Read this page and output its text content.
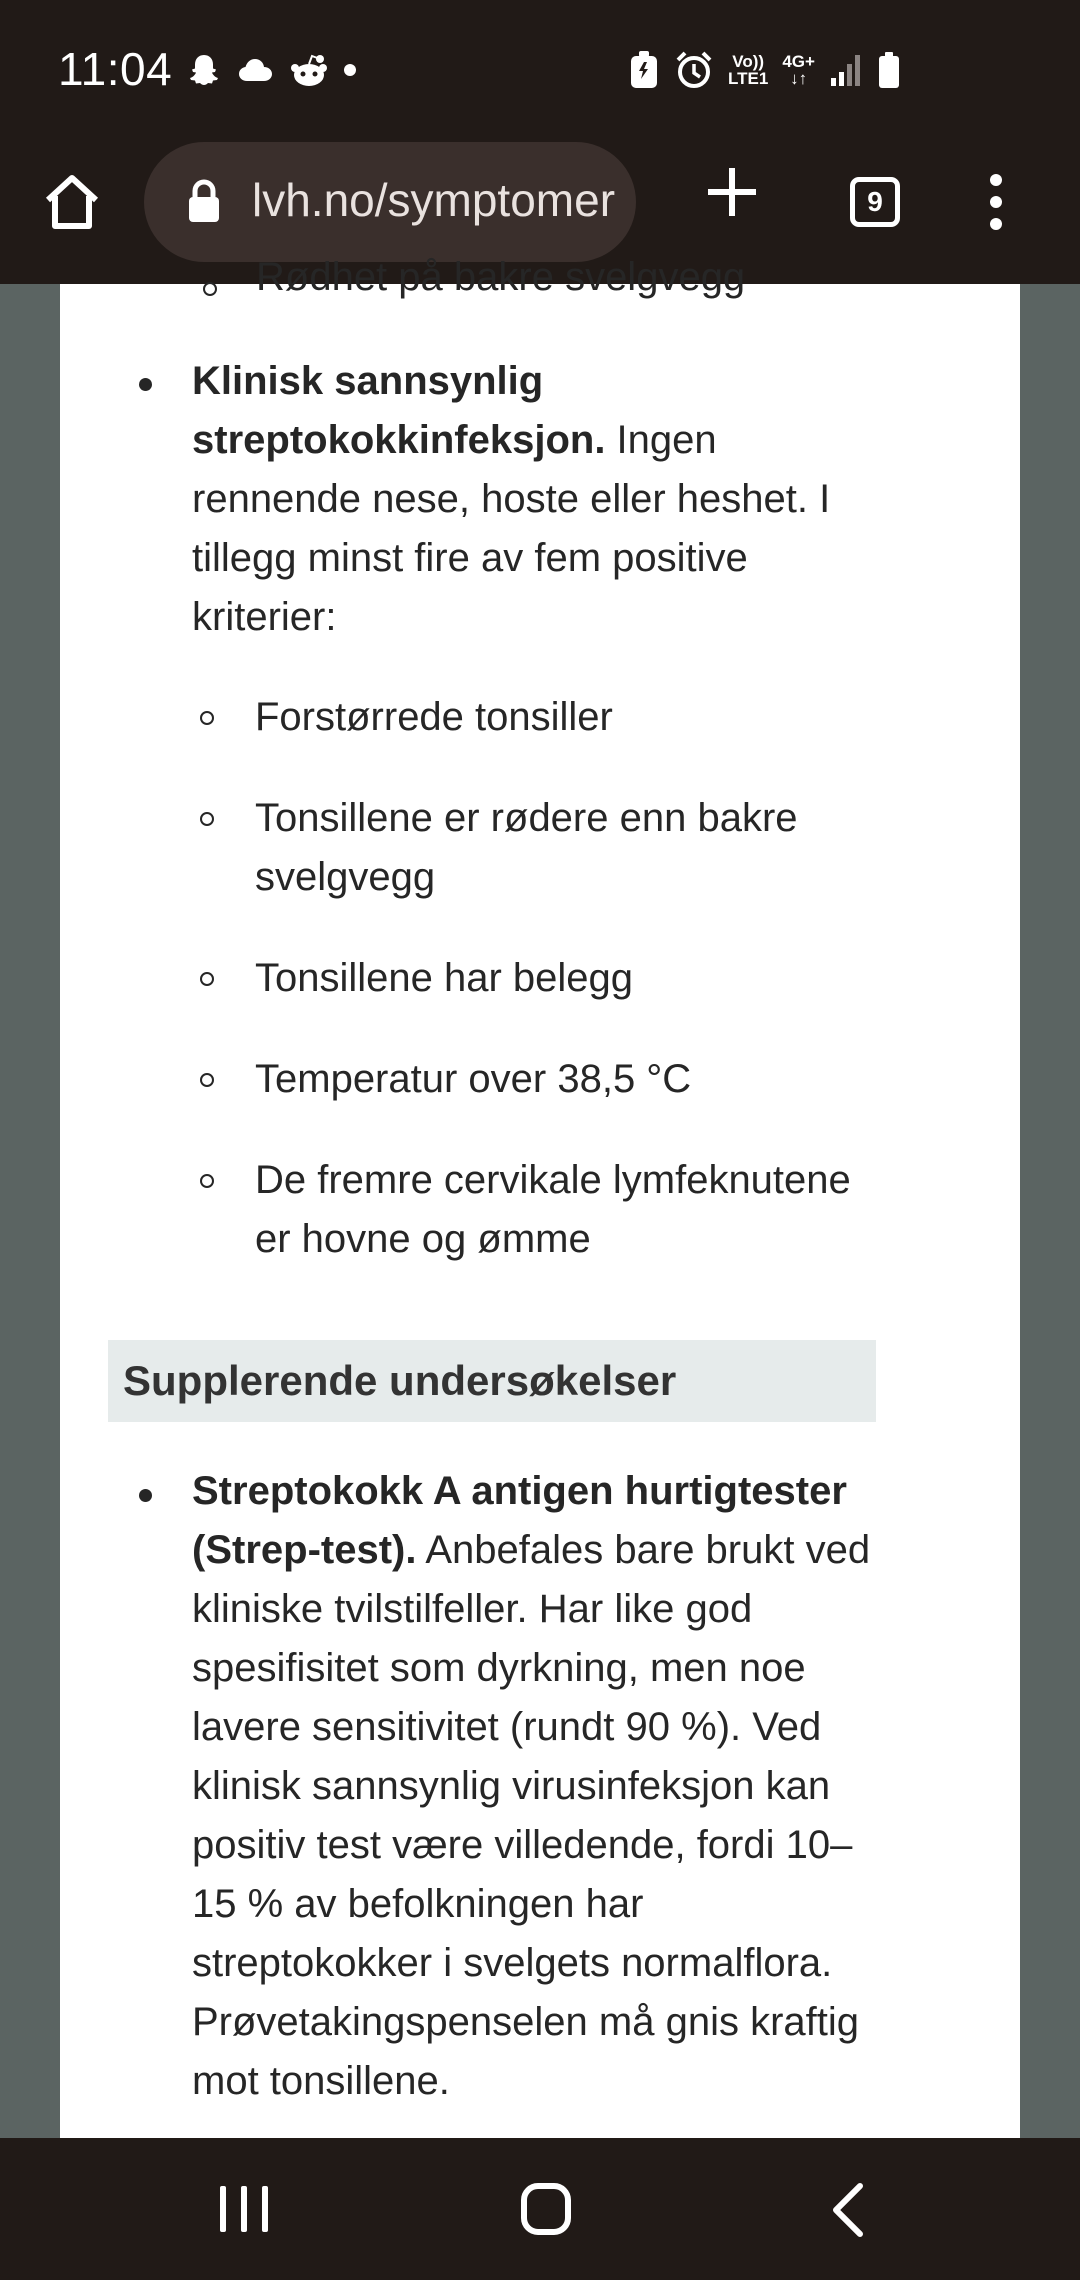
11:04	Vo))
LTE1
4G+
↓↑
lvh.no/symptomer	9
Rødhet på bakre svelgvegg
Klinisk sannsynlig streptokokkinfeksjon. Ingen rennende nese, hoste eller heshet. I tillegg minst fire av fem positive kriterier:
Forstørrede tonsiller
Tonsillene er rødere enn bakre svelgvegg
Tonsillene har belegg
Temperatur over 38,5 °C
De fremre cervikale lymfeknutene er hovne og ømme
Supplerende undersøkelser
Streptokokk A antigen hurtigtester (Strep-test). Anbefales bare brukt ved kliniske tvilstilfeller. Har like god spesifisitet som dyrkning, men noe lavere sensitivitet (rundt 90 %). Ved klinisk sannsynlig virusinfeksjon kan positiv test være villedende, fordi 10–15 % av befolkningen har streptokokker i svelgets normalflora. Prøvetakingspenselen må gnis kraftig mot tonsillene.
